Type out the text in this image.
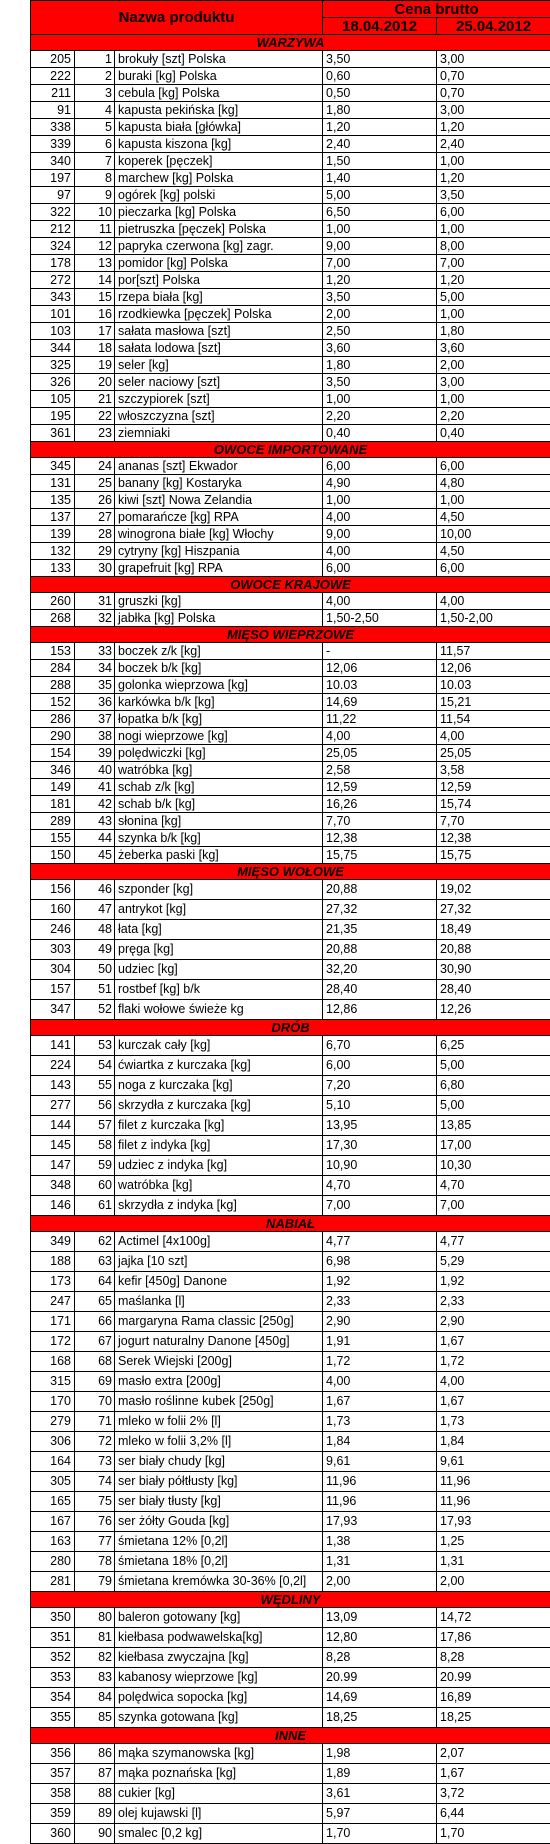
Nazwa produktu			Cena brutto	
			18.04.2012	25.04.2012
WARZYWA				
205	1	brokuły [szt] Polska	3,50	3,00
222	2	buraki [kg] Polska	0,60	0,70
211	3	cebula [kg] Polska	0,50	0,70
91	4	kapusta pekińska [kg]	1,80	3,00
338	5	kapusta biała [główka]	1,20	1,20
339	6	kapusta kiszona [kg]	2,40	2,40
340	7	koperek [pęczek]	1,50	1,00
197	8	marchew [kg] Polska	1,40	1,20
97	9	ogórek [kg] polski	5,00	3,50
322	10	pieczarka [kg] Polska	6,50	6,00
212	11	pietruszka [pęczek] Polska	1,00	1,00
324	12	papryka czerwona [kg] zagr.	9,00	8,00
178	13	pomidor [kg] Polska	7,00	7,00
272	14	por[szt] Polska	1,20	1,20
343	15	rzepa biała [kg]	3,50	5,00
101	16	rzodkiewka [pęczek] Polska	2,00	1,00
103	17	sałata masłowa [szt]	2,50	1,80
344	18	sałata lodowa [szt]	3,60	3,60
325	19	seler [kg]	1,80	2,00
326	20	seler naciowy [szt]	3,50	3,00
105	21	szczypiorek [szt]	1,00	1,00
195	22	włoszczyzna [szt]	2,20	2,20
361	23	ziemniaki	0,40	0,40
OWOCE IMPORTOWANE				
345	24	ananas [szt] Ekwador	6,00	6,00
131	25	banany [kg] Kostaryka	4,90	4,80
135	26	kiwi [szt] Nowa Zelandia	1,00	1,00
137	27	pomarańcze [kg] RPA	4,00	4,50
139	28	winogrona białe [kg] Włochy	9,00	10,00
132	29	cytryny [kg] Hiszpania	4,00	4,50
133	30	grapefruit [kg] RPA	6,00	6,00
OWOCE KRAJOWE				
260	31	gruszki [kg]	4,00	4,00
268	32	jabłka [kg] Polska	1,50-2,50	1,50-2,00
MIĘSO WIEPRZOWE				
153	33	boczek z/k [kg]	-	11,57
284	34	boczek b/k [kg]	12,06	12,06
288	35	golonka wieprzowa [kg]	10.03	10.03
152	36	karkówka b/k [kg]	14,69	15,21
286	37	łopatka b/k [kg]	11,22	11,54
290	38	nogi wieprzowe [kg]	4,00	4,00
154	39	polędwiczki [kg]	25,05	25,05
346	40	watróbka [kg]	2,58	3,58
149	41	schab z/k [kg]	12,59	12,59
181	42	schab b/k [kg]	16,26	15,74
289	43	słonina [kg]	7,70	7,70
155	44	szynka b/k [kg]	12,38	12,38
150	45	żeberka paski [kg]	15,75	15,75
MIĘSO WOŁOWE				
156	46	szponder [kg]	20,88	19,02
160	47	antrykot [kg]	27,32	27,32
246	48	łata [kg]	21,35	18,49
303	49	pręga [kg]	20,88	20,88
304	50	udziec [kg]	32,20	30,90
157	51	rostbef [kg] b/k	28,40	28,40
347	52	flaki wołowe świeże kg	12,86	12,26
DRÓB				
141	53	kurczak cały [kg]	6,70	6,25
224	54	ćwiartka z kurczaka [kg]	6,00	5,00
143	55	noga z kurczaka [kg]	7,20	6,80
277	56	skrzydła z kurczaka [kg]	5,10	5,00
144	57	filet z kurczaka [kg]	13,95	13,85
145	58	filet z indyka [kg]	17,30	17,00
147	59	udziec z indyka [kg]	10,90	10,30
348	60	watróbka [kg]	4,70	4,70
146	61	skrzydła z indyka [kg]	7,00	7,00
NABIAŁ				
349	62	Actimel [4x100g]	4,77	4,77
188	63	jajka [10 szt]	6,98	5,29
173	64	kefir [450g] Danone	1,92	1,92
247	65	maślanka [l]	2,33	2,33
171	66	margaryna Rama classic [250g]	2,90	2,90
172	67	jogurt naturalny Danone [450g]	1,91	1,67
168	68	Serek Wiejski [200g]	1,72	1,72
315	69	masło extra [200g]	4,00	4,00
170	70	masło roślinne kubek [250g]	1,67	1,67
279	71	mleko w folii 2% [l]	1,73	1,73
306	72	mleko w folii 3,2% [l]	1,84	1,84
164	73	ser biały chudy [kg]	9,61	9,61
305	74	ser biały półtłusty [kg]	11,96	11,96
165	75	ser biały tłusty [kg]	11,96	11,96
167	76	ser żółty Gouda [kg]	17,93	17,93
163	77	śmietana 12% [0,2l]	1,38	1,25
280	78	śmietana 18% [0,2l]	1,31	1,31
281	79	śmietana kremówka 30-36% [0,2l]	2,00	2,00
WĘDLINY				
350	80	baleron gotowany [kg]	13,09	14,72
351	81	kiełbasa podwawelska[kg]	12,80	17,86
352	82	kiełbasa zwyczajna [kg]	8,28	8,28
353	83	kabanosy wieprzowe [kg]	20.99	20.99
354	84	polędwica sopocka [kg]	14,69	16,89
355	85	szynka gotowana [kg]	18,25	18,25
INNE				
356	86	mąka szymanowska [kg]	1,98	2,07
357	87	mąka poznańska [kg]	1,89	1,67
358	88	cukier [kg]	3,61	3,72
359	89	olej kujawski [l]	5,97	6,44
360	90	smalec [0,2 kg]	1,70	1,70
